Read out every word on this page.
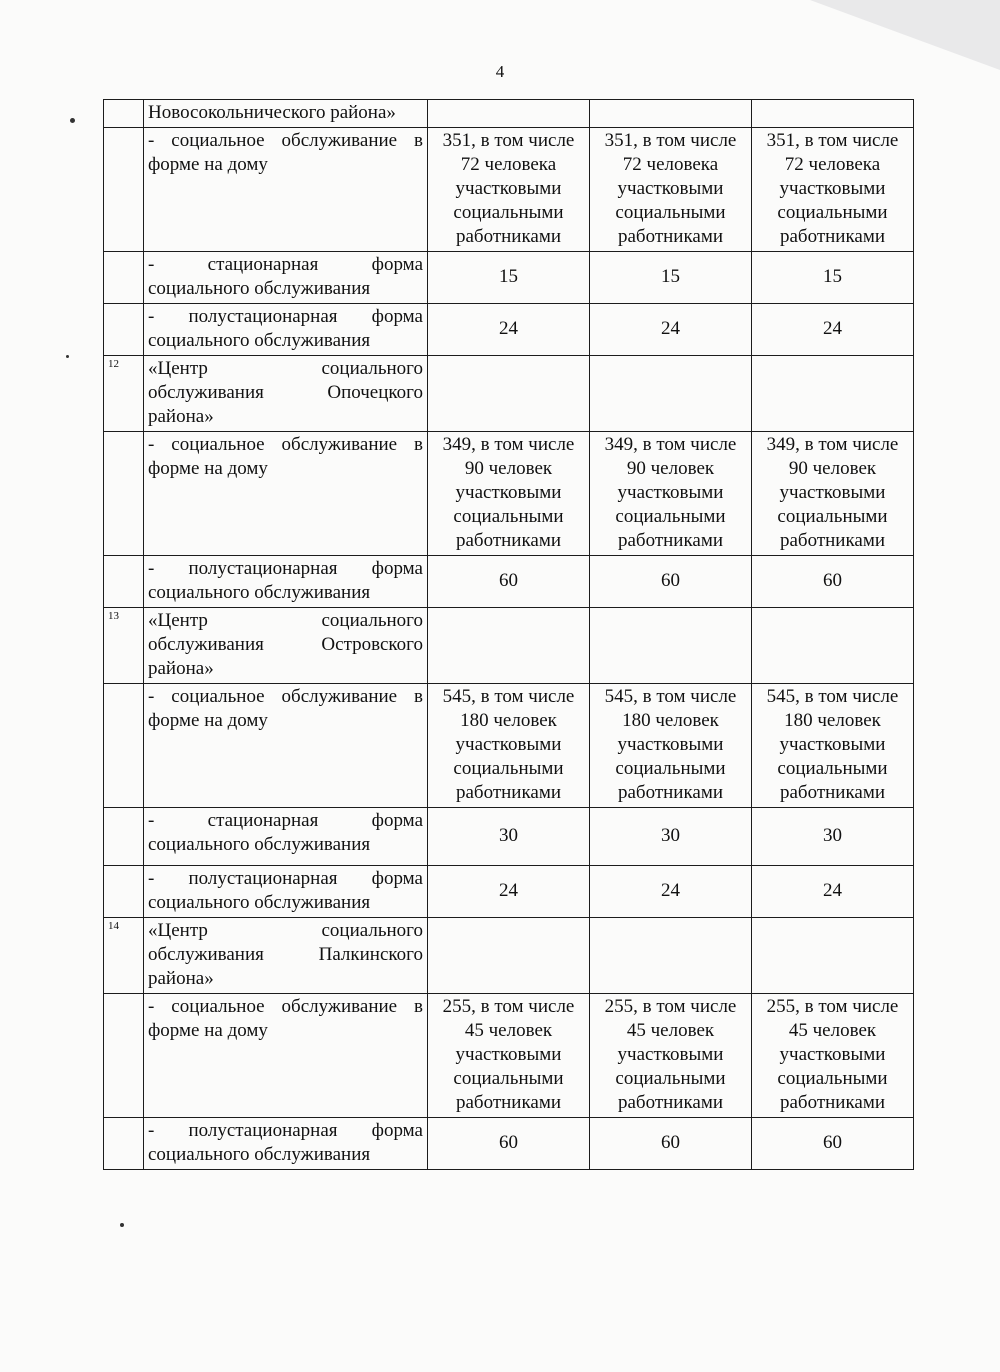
4
	Новосокольнического района»			
	- социальное обслуживание в форме на дому	351, в том числе 72 человека участковыми социальными работниками	351, в том числе 72 человека участковыми социальными работниками	351, в том числе 72 человека участковыми социальными работниками
	- стационарная форма социального обслуживания	15	15	15
	- полустационарная форма социального обслуживания	24	24	24
12	«Центр социального обслуживания Опочецкого района»			
	- социальное обслуживание в форме на дому	349, в том числе 90 человек участковыми социальными работниками	349, в том числе 90 человек участковыми социальными работниками	349, в том числе 90 человек участковыми социальными работниками
	- полустационарная форма социального обслуживания	60	60	60
13	«Центр социального обслуживания Островского района»			
	- социальное обслуживание в форме на дому	545, в том числе 180 человек участковыми социальными работниками	545, в том числе 180 человек участковыми социальными работниками	545, в том числе 180 человек участковыми социальными работниками
	- стационарная форма социального обслуживания	30	30	30
	- полустационарная форма социального обслуживания	24	24	24
14	«Центр социального обслуживания Палкинского района»			
	- социальное обслуживание в форме на дому	255, в том числе 45 человек участковыми социальными работниками	255, в том числе 45 человек участковыми социальными работниками	255, в том числе 45 человек участковыми социальными работниками
	- полустационарная форма социального обслуживания	60	60	60
